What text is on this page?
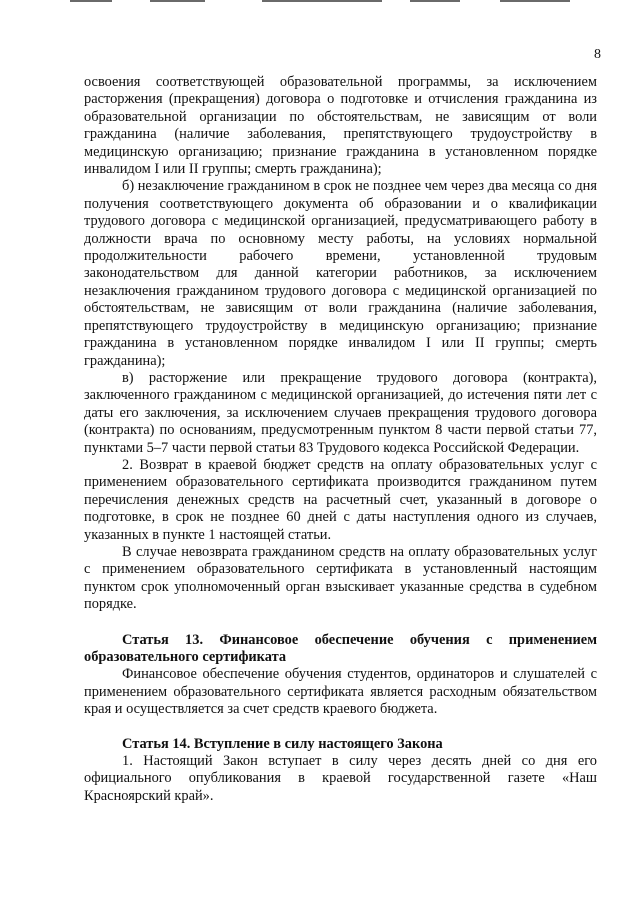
8

освоения соответствующей образовательной программы, за исключением расторжения (прекращения) договора о подготовке и отчисления гражданина из образовательной организации по обстоятельствам, не зависящим от воли гражданина (наличие заболевания, препятствующего трудоустройству в медицинскую организацию; признание гражданина в установленном порядке инвалидом I или II группы; смерть гражданина);

б) незаключение гражданином в срок не позднее чем через два месяца со дня получения соответствующего документа об образовании и о квалификации трудового договора с медицинской организацией, предусматривающего работу в должности врача по основному месту работы, на условиях нормальной продолжительности рабочего времени, установленной трудовым законодательством для данной категории работников, за исключением незаключения гражданином трудового договора с медицинской организацией по обстоятельствам, не зависящим от воли гражданина (наличие заболевания, препятствующего трудоустройству в медицинскую организацию; признание гражданина в установленном порядке инвалидом I или II группы; смерть гражданина);

в) расторжение или прекращение трудового договора (контракта), заключенного гражданином с медицинской организацией, до истечения пяти лет с даты его заключения, за исключением случаев прекращения трудового договора (контракта) по основаниям, предусмотренным пунктом 8 части первой статьи 77, пунктами 5–7 части первой статьи 83 Трудового кодекса Российской Федерации.

2. Возврат в краевой бюджет средств на оплату образовательных услуг с применением образовательного сертификата производится гражданином путем перечисления денежных средств на расчетный счет, указанный в договоре о подготовке, в срок не позднее 60 дней с даты наступления одного из случаев, указанных в пункте 1 настоящей статьи.

В случае невозврата гражданином средств на оплату образовательных услуг с применением образовательного сертификата в установленный настоящим пунктом срок уполномоченный орган взыскивает указанные средства в судебном порядке.

Статья 13. Финансовое обеспечение обучения с применением образовательного сертификата

Финансовое обеспечение обучения студентов, ординаторов и слушателей с применением образовательного сертификата является расходным обязательством края и осуществляется за счет средств краевого бюджета.

Статья 14. Вступление в силу настоящего Закона

1. Настоящий Закон вступает в силу через десять дней со дня его официального опубликования в краевой государственной газете «Наш Красноярский край».
